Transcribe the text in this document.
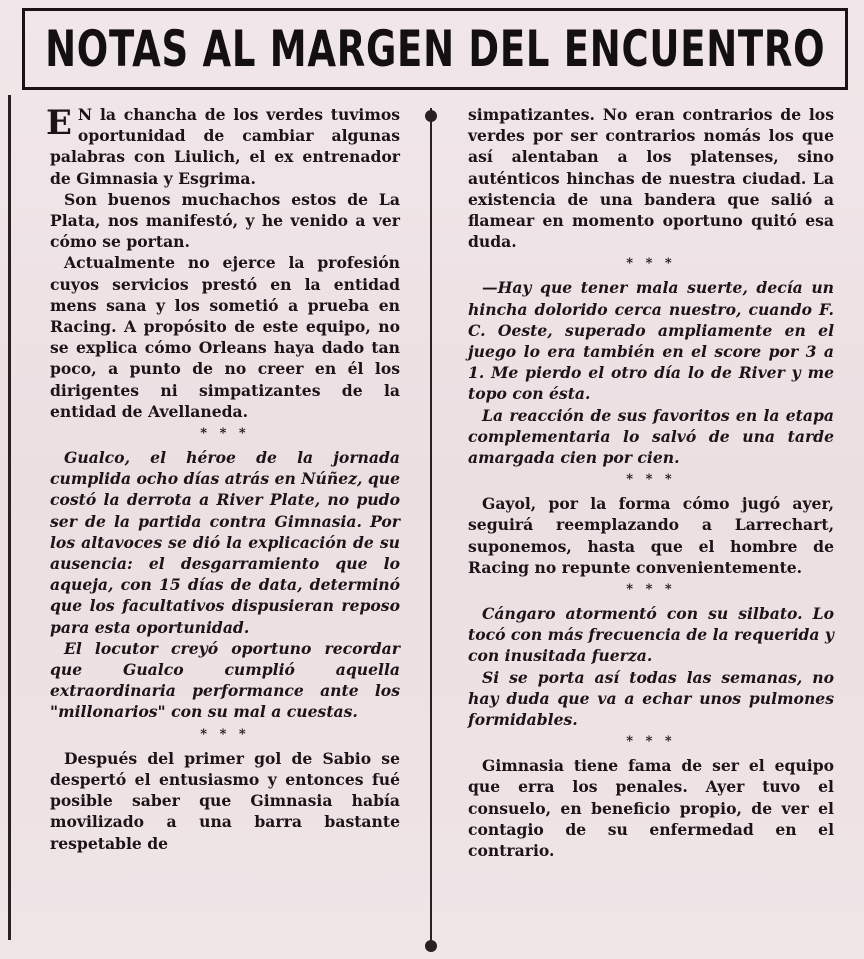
NOTAS AL MARGEN DEL ENCUENTRO

E N la chancha de los verdes tuvimos oportunidad de cambiar algunas palabras con Liulich, el ex entrenador de Gimnasia y Esgrima.

Son buenos muchachos estos de La Plata, nos manifestó, y he venido a ver cómo se portan.

Actualmente no ejerce la profesión cuyos servicios prestó en la entidad mens sana y los sometió a prueba en Racing. A propósito de este equipo, no se explica cómo Orleans haya dado tan poco, a punto de no creer en él los dirigentes ni simpatizantes de la entidad de Avellaneda.

* * *

Gualco, el héroe de la jornada cumplida ocho días atrás en Núñez, que costó la derrota a River Plate, no pudo ser de la partida contra Gimnasia. Por los altavoces se dió la explicación de su ausencia: el desgarramiento que lo aqueja, con 15 días de data, determinó que los facultativos dispusieran reposo para esta oportunidad.

El locutor creyó oportuno recordar que Gualco cumplió aquella extraordinaria performance ante los "millonarios" con su mal a cuestas.

* * *

Después del primer gol de Sabio se despertó el entusiasmo y entonces fué posible saber que Gimnasia había movilizado a una barra bastante respetable de

simpatizantes. No eran contrarios de los verdes por ser contrarios nomás los que así alentaban a los platenses, sino auténticos hinchas de nuestra ciudad. La existencia de una bandera que salió a flamear en momento oportuno quitó esa duda.

* * *

—Hay que tener mala suerte, decía un hincha dolorido cerca nuestro, cuando F. C. Oeste, superado ampliamente en el juego lo era también en el score por 3 a 1. Me pierdo el otro día lo de River y me topo con ésta.

La reacción de sus favoritos en la etapa complementaria lo salvó de una tarde amargada cien por cien.

* * *

Gayol, por la forma cómo jugó ayer, seguirá reemplazando a Larrechart, suponemos, hasta que el hombre de Racing no repunte convenientemente.

* * *

Cángaro atormentó con su silbato. Lo tocó con más frecuencia de la requerida y con inusitada fuerza.

Si se porta así todas las semanas, no hay duda que va a echar unos pulmones formidables.

* * *

Gimnasia tiene fama de ser el equipo que erra los penales. Ayer tuvo el consuelo, en beneficio propio, de ver el contagio de su enfermedad en el contrario.
